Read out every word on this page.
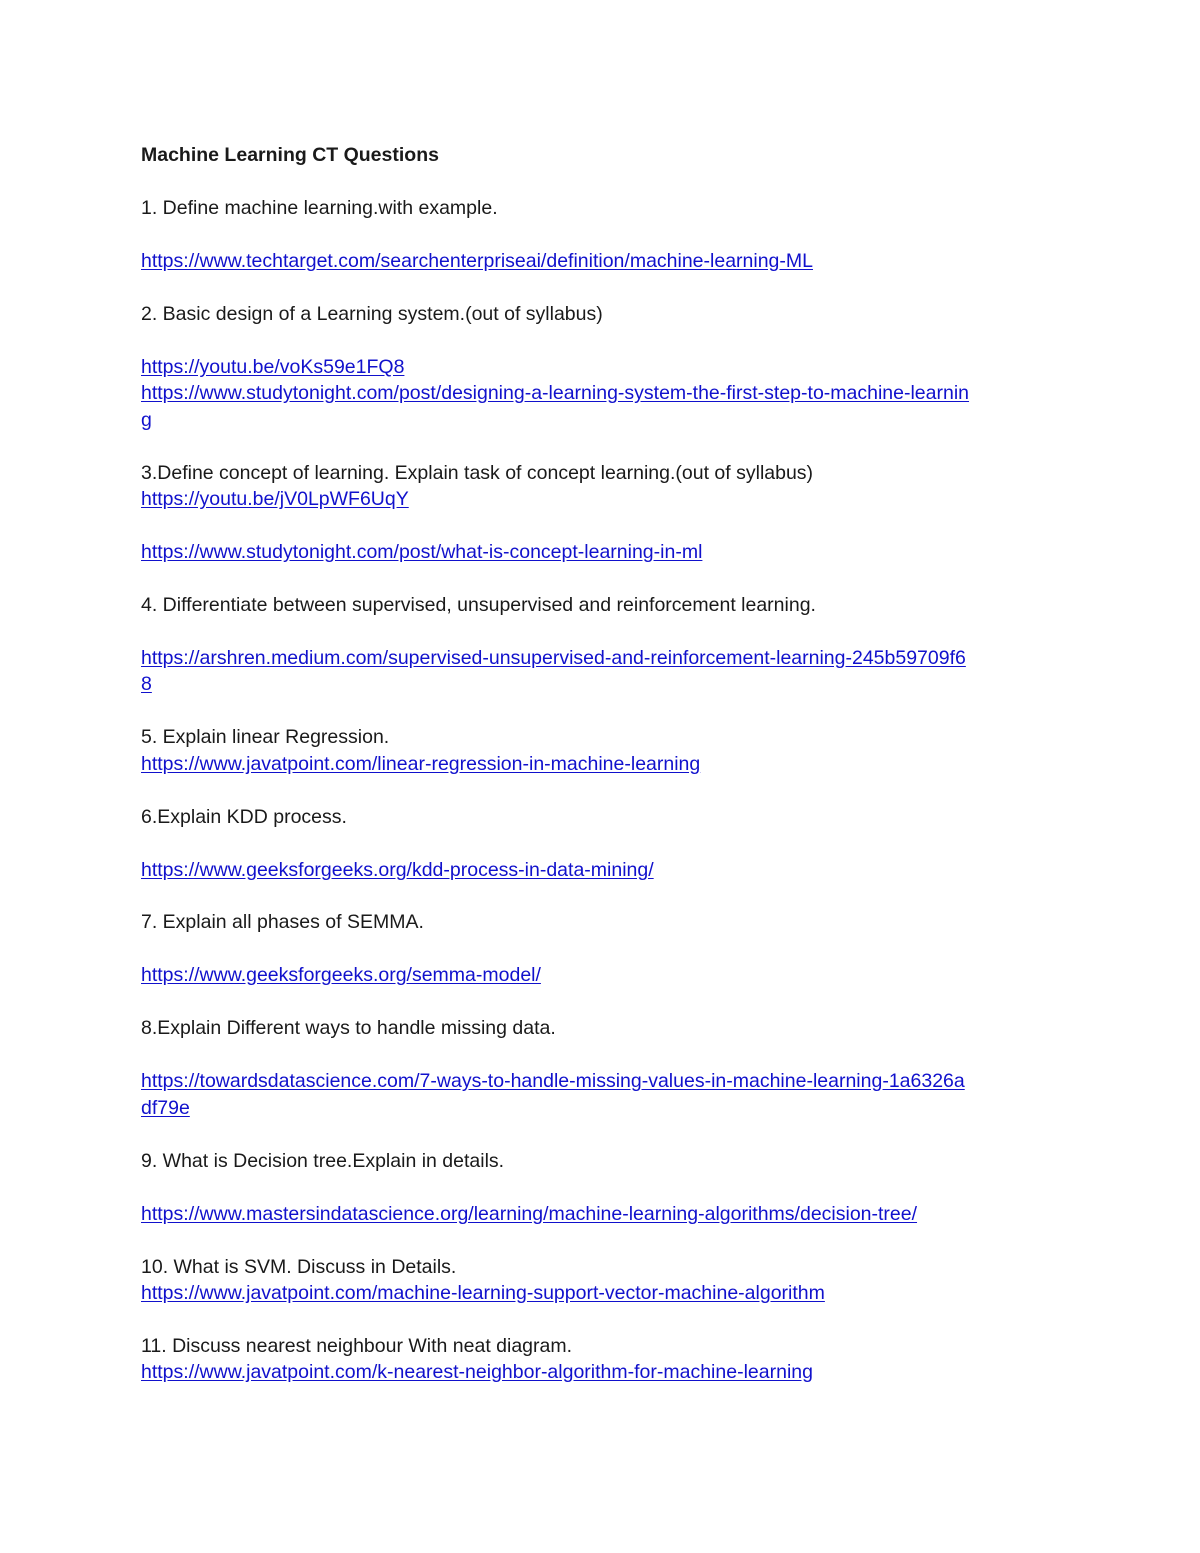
Machine Learning CT Questions
1. Define machine learning.with example.
https://www.techtarget.com/searchenterpriseai/definition/machine-learning-ML
2. Basic design of a Learning system.(out of syllabus)
https://youtu.be/voKs59e1FQ8
https://www.studytonight.com/post/designing-a-learning-system-the-first-step-to-machine-learnin
g
3.Define concept of learning. Explain task of concept learning.(out of syllabus)
https://youtu.be/jV0LpWF6UqY
https://www.studytonight.com/post/what-is-concept-learning-in-ml
4. Differentiate between supervised, unsupervised and reinforcement learning.
https://arshren.medium.com/supervised-unsupervised-and-reinforcement-learning-245b59709f6
8
5. Explain linear Regression.
https://www.javatpoint.com/linear-regression-in-machine-learning
6.Explain KDD process.
https://www.geeksforgeeks.org/kdd-process-in-data-mining/
7. Explain all phases of SEMMA.
https://www.geeksforgeeks.org/semma-model/
8.Explain Different ways to handle missing data.
https://towardsdatascience.com/7-ways-to-handle-missing-values-in-machine-learning-1a6326a
df79e
9. What is Decision tree.Explain in details.
https://www.mastersindatascience.org/learning/machine-learning-algorithms/decision-tree/
10. What is SVM. Discuss in Details.
https://www.javatpoint.com/machine-learning-support-vector-machine-algorithm
11. Discuss nearest neighbour With neat diagram.
https://www.javatpoint.com/k-nearest-neighbor-algorithm-for-machine-learning
